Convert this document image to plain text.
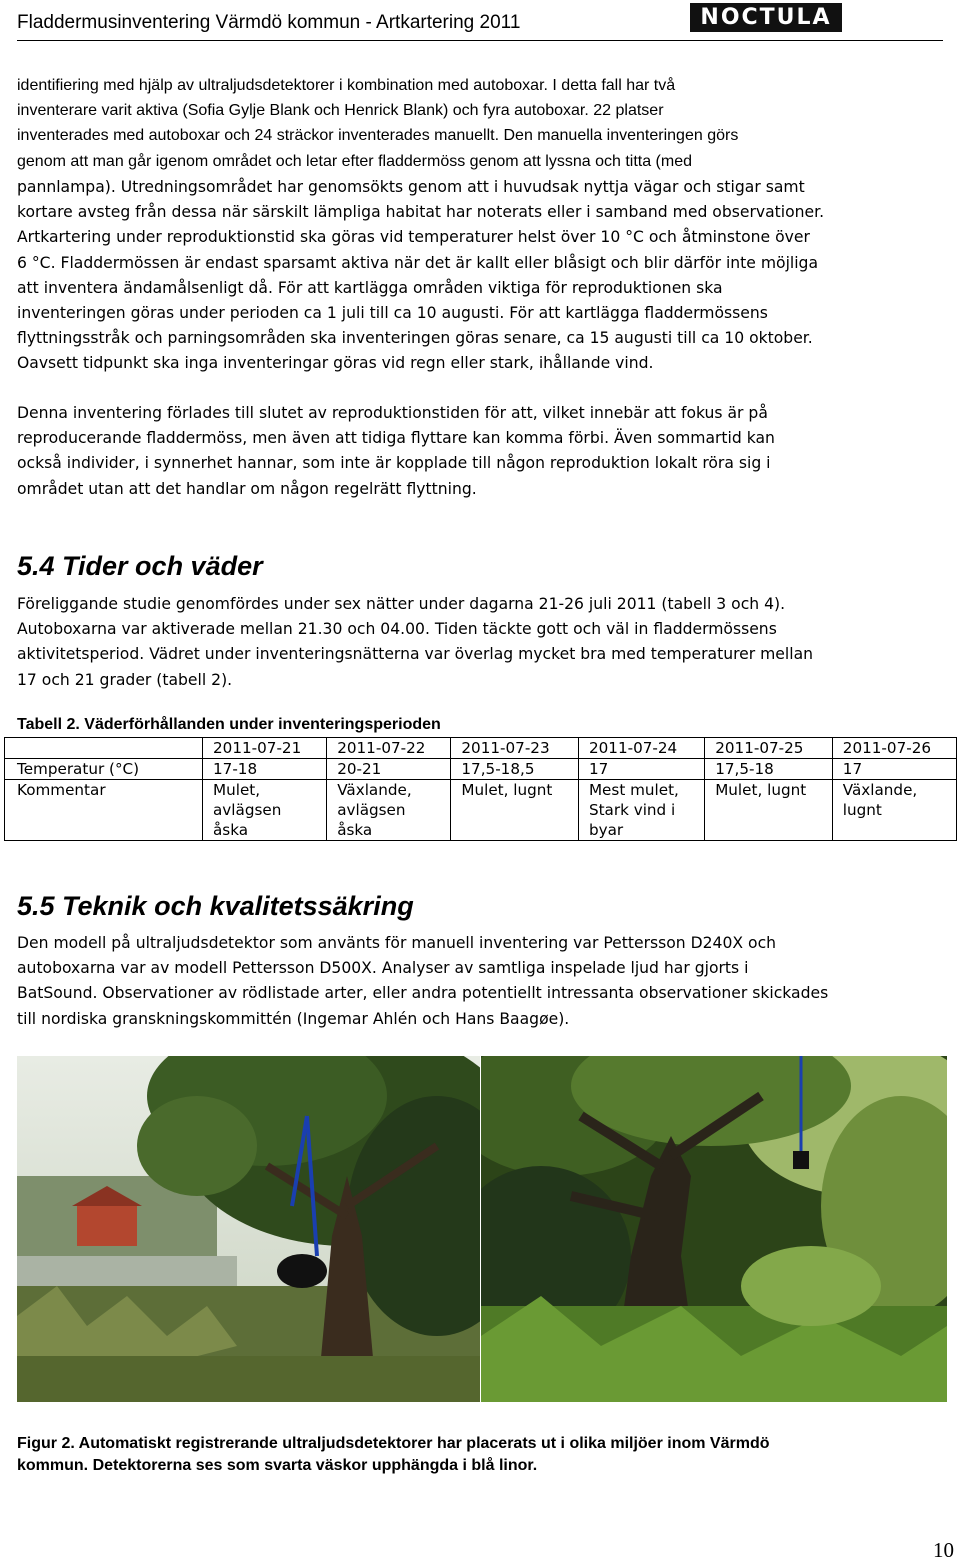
Fladdermusinventering Värmdö kommun - Artkartering 2011	NOCTULA

identifiering med hjälp av ultraljudsdetektorer i kombination med autoboxar. I detta fall har två
inventerare varit aktiva (Sofia Gylje Blank och Henrick Blank) och fyra autoboxar. 22 platser
inventerades med autoboxar och 24 sträckor inventerades manuellt. Den manuella inventeringen görs
genom att man går igenom området och letar efter fladdermöss genom att lyssna och titta (med

pannlampa). Utredningsområdet har genomsökts genom att i huvudsak nyttja vägar och stigar samt
kortare avsteg från dessa när särskilt lämpliga habitat har noterats eller i samband med observationer.
Artkartering under reproduktionstid ska göras vid temperaturer helst över 10 °C och åtminstone över
6 °C. Fladdermössen är endast sparsamt aktiva när det är kallt eller blåsigt och blir därför inte möjliga
att inventera ändamålsenligt då. För att kartlägga områden viktiga för reproduktionen ska
inventeringen göras under perioden ca 1 juli till ca 10 augusti. För att kartlägga fladdermössens
flyttningsstråk och parningsområden ska inventeringen göras senare, ca 15 augusti till ca 10 oktober.
Oavsett tidpunkt ska inga inventeringar göras vid regn eller stark, ihållande vind.

Denna inventering förlades till slutet av reproduktionstiden för att, vilket innebär att fokus är på
reproducerande fladdermöss, men även att tidiga flyttare kan komma förbi. Även sommartid kan
också individer, i synnerhet hannar, som inte är kopplade till någon reproduktion lokalt röra sig i
området utan att det handlar om någon regelrätt flyttning.

5.4 Tider och väder

Föreliggande studie genomfördes under sex nätter under dagarna 21-26 juli 2011 (tabell 3 och 4).
Autoboxarna var aktiverade mellan 21.30 och 04.00. Tiden täckte gott och väl in fladdermössens
aktivitetsperiod. Vädret under inventeringsnätterna var överlag mycket bra med temperaturer mellan
17 och 21 grader (tabell 2).

Tabell 2. Väderförhållanden under inventeringsperioden
	2011-07-21	2011-07-22	2011-07-23	2011-07-24	2011-07-25	2011-07-26
Temperatur (°C)	17-18	20-21	17,5-18,5	17	17,5-18	17
Kommentar	Mulet,
avlägsen
åska	Växlande,
avlägsen
åska	Mulet, lugnt	Mest mulet,
Stark vind i
byar	Mulet, lugnt	Växlande,
lugnt
5.5 Teknik och kvalitetssäkring

Den modell på ultraljudsdetektor som använts för manuell inventering var Pettersson D240X och
autoboxarna var av modell Pettersson D500X. Analyser av samtliga inspelade ljud har gjorts i
BatSound. Observationer av rödlistade arter, eller andra potentiellt intressanta observationer skickades
till nordiska granskningskommittén (Ingemar Ahlén och Hans Baagøe).

Figur 2. Automatiskt registrerande ultraljudsdetektorer har placerats ut i olika miljöer inom Värmdö
kommun. Detektorerna ses som svarta väskor upphängda i blå linor.

10
